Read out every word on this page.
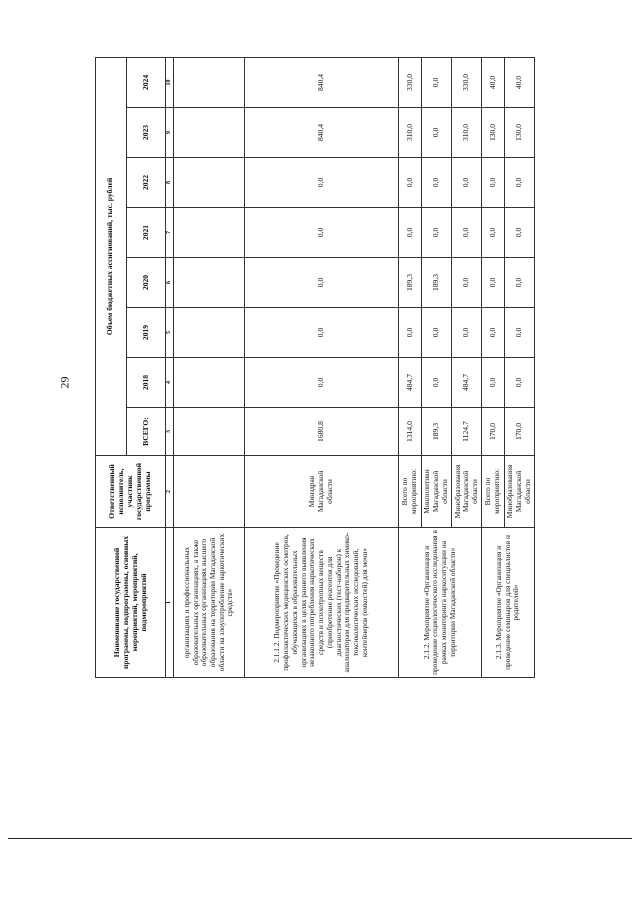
29
Наименование государственной программы, подпрограммы, основных мероприятий, мероприятий, подмероприятий	Ответственный исполнитель, участник государственной программы	Объем бюджетных ассигнований, тыс. рублей							
		ВСЕГО:	2018	2019	2020	2021	2022	2023	2024
1	2	3	4	5	6	7	8	9	10
организациях и профессиональных образовательных организациях, а также образовательных организациях высшего образования на территории Магаданской области на злоупотребление наркотических средств»									
2.1.1.2. Подмероприятие «Проведение профилактических медицинских осмотров, обучающихся в образовательных организациях в целях раннего выявления незаконного потребления наркотических средств и психотропных веществ (приобретение реагентов для диагностических (тест-наборов) к анализаторам для предварительных химико-токсикологических исследований, контейнеров (емкостей) для мочи»	Минздрав Магаданской области	1680,8	0,0	0,0	0,0	0,0	0,0	840,4	840,4
2.1.2. Мероприятие «Организация и проведение социологического исследования в рамках мониторинга наркоситуации на территории Магаданской области»	Всего по мероприятию:	1314,0	484,7	0,0	189,3	0,0	0,0	310,0	330,0
	Минполитики Магаданской области	189,3	0,0	0,0	189,3	0,0	0,0	0,0	0,0
	Минобразования Магаданской области	1124,7	484,7	0,0	0,0	0,0	0,0	310,0	330,0
2.1.3. Мероприятие «Организация и проведение семинаров для специалистов и родителей»	Всего по мероприятию:	170,0	0,0	0,0	0,0	0,0	0,0	130,0	40,0
	Минобразования Магаданской области	170,0	0,0	0,0	0,0	0,0	0,0	130,0	40,0
